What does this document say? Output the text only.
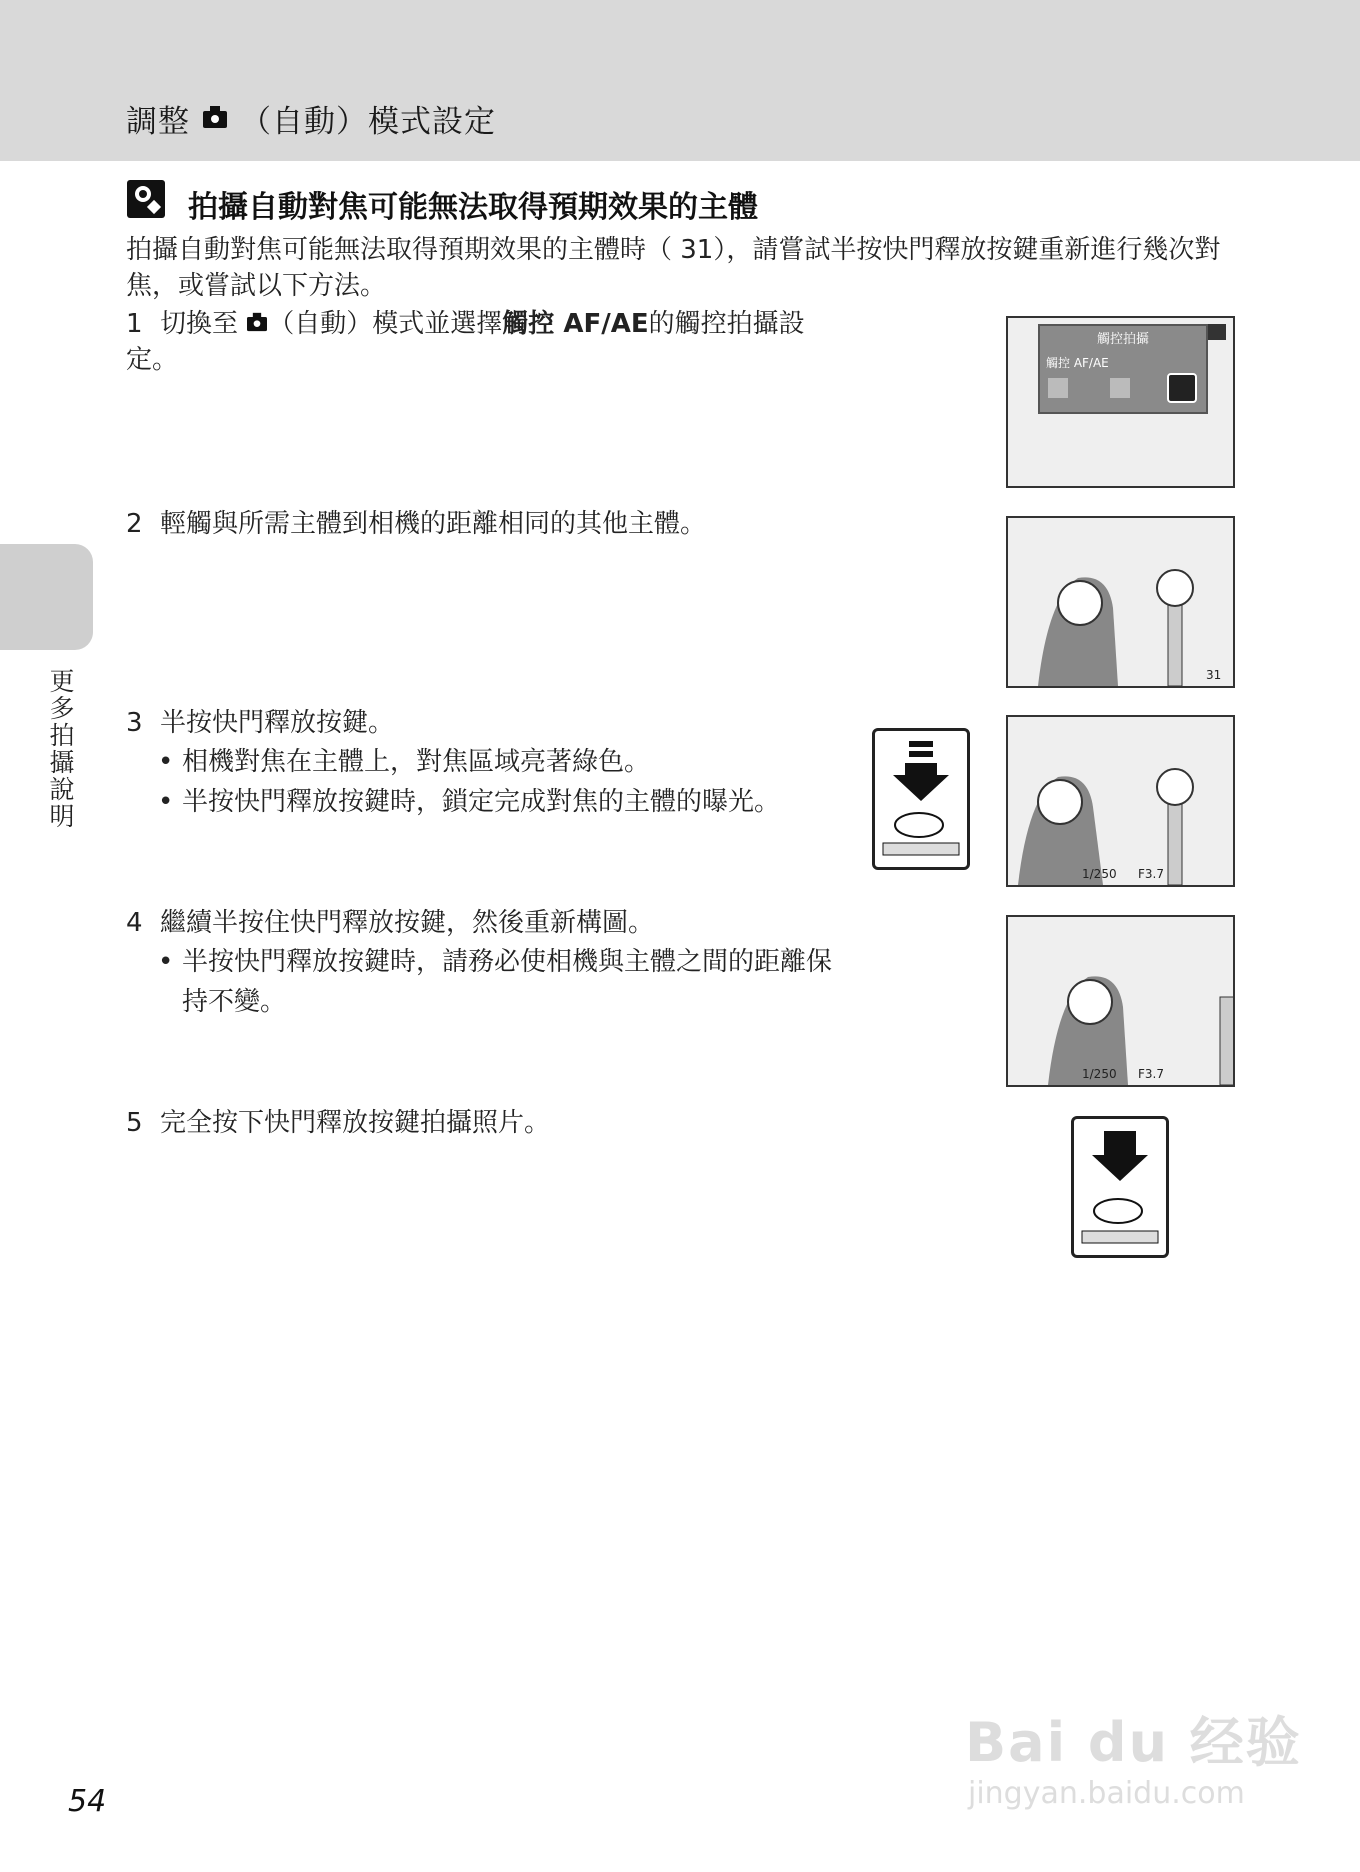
調整 （自動）模式設定
更多拍攝說明
拍攝自動對焦可能無法取得預期效果的主體
拍攝自動對焦可能無法取得預期效果的主體時（ 31），請嘗試半按快門釋放按鍵重新進行幾次對焦，或嘗試以下方法。
1 切換至 （自動）模式並選擇觸控 AF/AE的觸控拍攝設定。
2 輕觸與所需主體到相機的距離相同的其他主體。
3 半按快門釋放按鍵。
• 相機對焦在主體上，對焦區域亮著綠色。
• 半按快門釋放按鍵時，鎖定完成對焦的主體的曝光。
4 繼續半按住快門釋放按鍵，然後重新構圖。
• 半按快門釋放按鍵時，請務必使相機與主體之間的距離保持不變。
5 完全按下快門釋放按鍵拍攝照片。
觸控拍攝
觸控 AF/AE
31
1/250 F3.7
1/250 F3.7
54
Bai du 经验
jingyan.baidu.com
